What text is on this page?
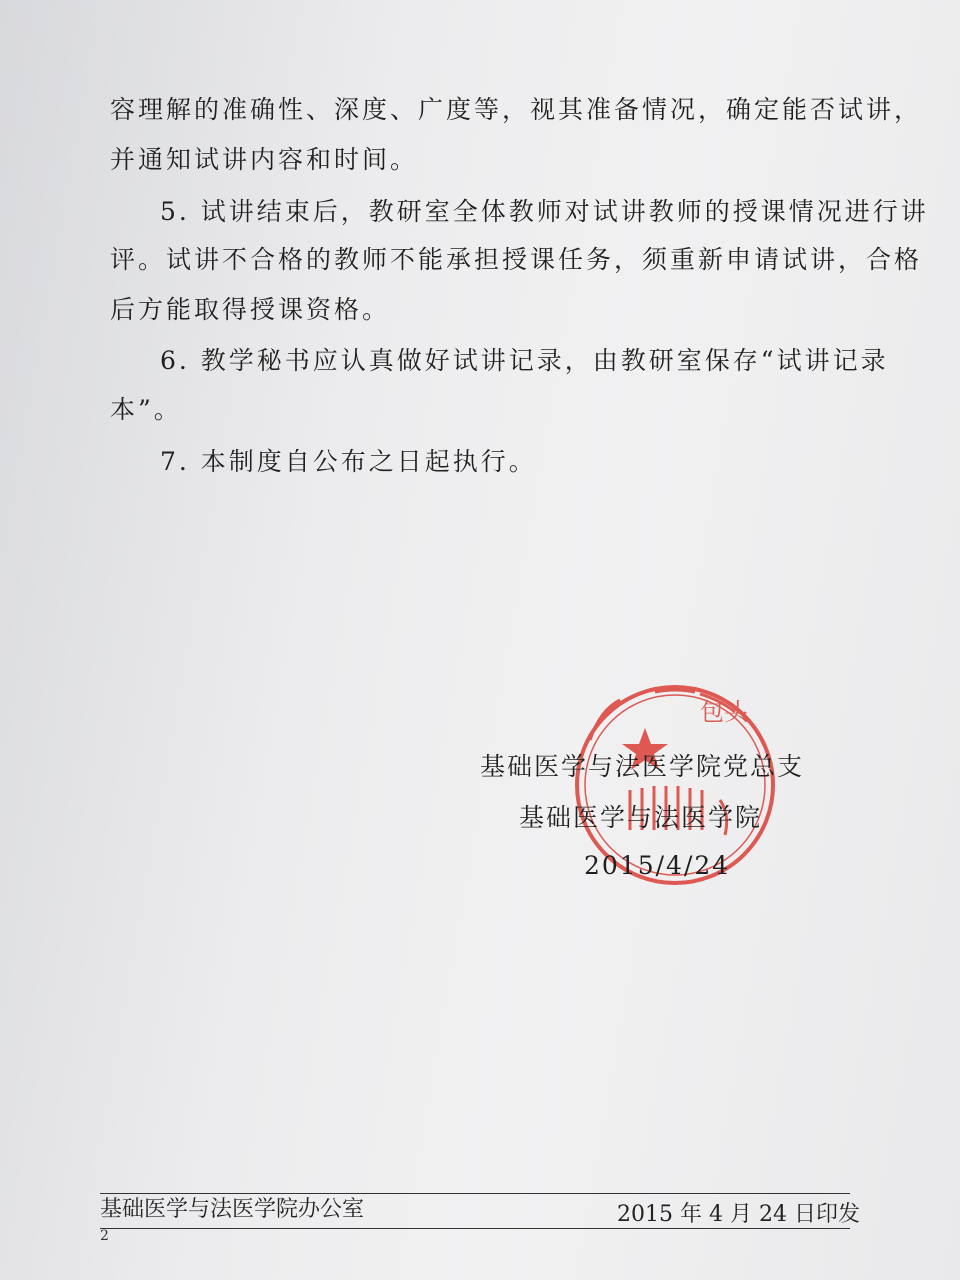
容理解的准确性、深度、广度等，视其准备情况，确定能否试讲，

并通知试讲内容和时间。

5. 试讲结束后，教研室全体教师对试讲教师的授课情况进行讲

评。试讲不合格的教师不能承担授课任务，须重新申请试讲，合格

后方能取得授课资格。

6. 教学秘书应认真做好试讲记录，由教研室保存“试讲记录

本”。

7. 本制度自公布之日起执行。

包头

基础医学与法医学院党总支

基础医学与法医学院

2015/4/24

基础医学与法医学院办公室	2015 年 4 月 24 日印发

2
